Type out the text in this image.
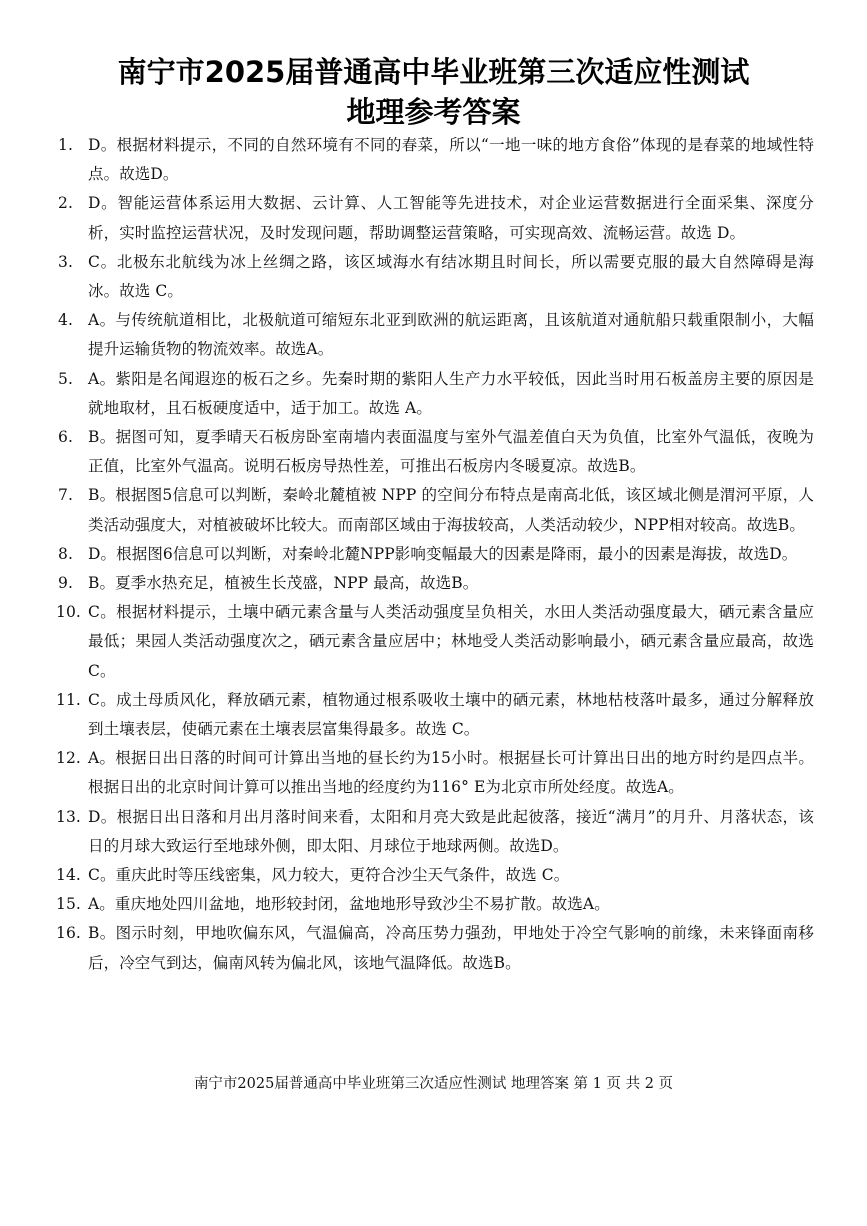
南宁市2025届普通高中毕业班第三次适应性测试
地理参考答案
1. D。根据材料提示，不同的自然环境有不同的春菜，所以“一地一味的地方食俗”体现的是春菜的地域性特点。故选D。
2. D。智能运营体系运用大数据、云计算、人工智能等先进技术，对企业运营数据进行全面采集、深度分析，实时监控运营状况，及时发现问题，帮助调整运营策略，可实现高效、流畅运营。故选 D。
3. C。北极东北航线为冰上丝绸之路，该区域海水有结冰期且时间长，所以需要克服的最大自然障碍是海冰。故选 C。
4. A。与传统航道相比，北极航道可缩短东北亚到欧洲的航运距离，且该航道对通航船只载重限制小，大幅提升运输货物的物流效率。故选A。
5. A。紫阳是名闻遐迩的板石之乡。先秦时期的紫阳人生产力水平较低，因此当时用石板盖房主要的原因是就地取材，且石板硬度适中，适于加工。故选 A。
6. B。据图可知，夏季晴天石板房卧室南墙内表面温度与室外气温差值白天为负值，比室外气温低，夜晚为正值，比室外气温高。说明石板房导热性差，可推出石板房内冬暖夏凉。故选B。
7. B。根据图5信息可以判断，秦岭北麓植被 NPP 的空间分布特点是南高北低，该区域北侧是渭河平原，人类活动强度大，对植被破坏比较大。而南部区域由于海拔较高，人类活动较少，NPP相对较高。故选B。
8. D。根据图6信息可以判断，对秦岭北麓NPP影响变幅最大的因素是降雨，最小的因素是海拔，故选D。
9. B。夏季水热充足，植被生长茂盛，NPP 最高，故选B。
10. C。根据材料提示，土壤中硒元素含量与人类活动强度呈负相关，水田人类活动强度最大，硒元素含量应最低；果园人类活动强度次之，硒元素含量应居中；林地受人类活动影响最小，硒元素含量应最高，故选C。
11. C。成土母质风化，释放硒元素，植物通过根系吸收土壤中的硒元素，林地枯枝落叶最多，通过分解释放到土壤表层，使硒元素在土壤表层富集得最多。故选 C。
12. A。根据日出日落的时间可计算出当地的昼长约为15小时。根据昼长可计算出日出的地方时约是四点半。根据日出的北京时间计算可以推出当地的经度约为116° E为北京市所处经度。故选A。
13. D。根据日出日落和月出月落时间来看，太阳和月亮大致是此起彼落，接近“满月”的月升、月落状态，该日的月球大致运行至地球外侧，即太阳、月球位于地球两侧。故选D。
14. C。重庆此时等压线密集，风力较大，更符合沙尘天气条件，故选 C。
15. A。重庆地处四川盆地，地形较封闭，盆地地形导致沙尘不易扩散。故选A。
16. B。图示时刻，甲地吹偏东风，气温偏高，冷高压势力强劲，甲地处于冷空气影响的前缘，未来锋面南移后，冷空气到达，偏南风转为偏北风，该地气温降低。故选B。
南宁市2025届普通高中毕业班第三次适应性测试 地理答案 第 1 页 共 2 页
